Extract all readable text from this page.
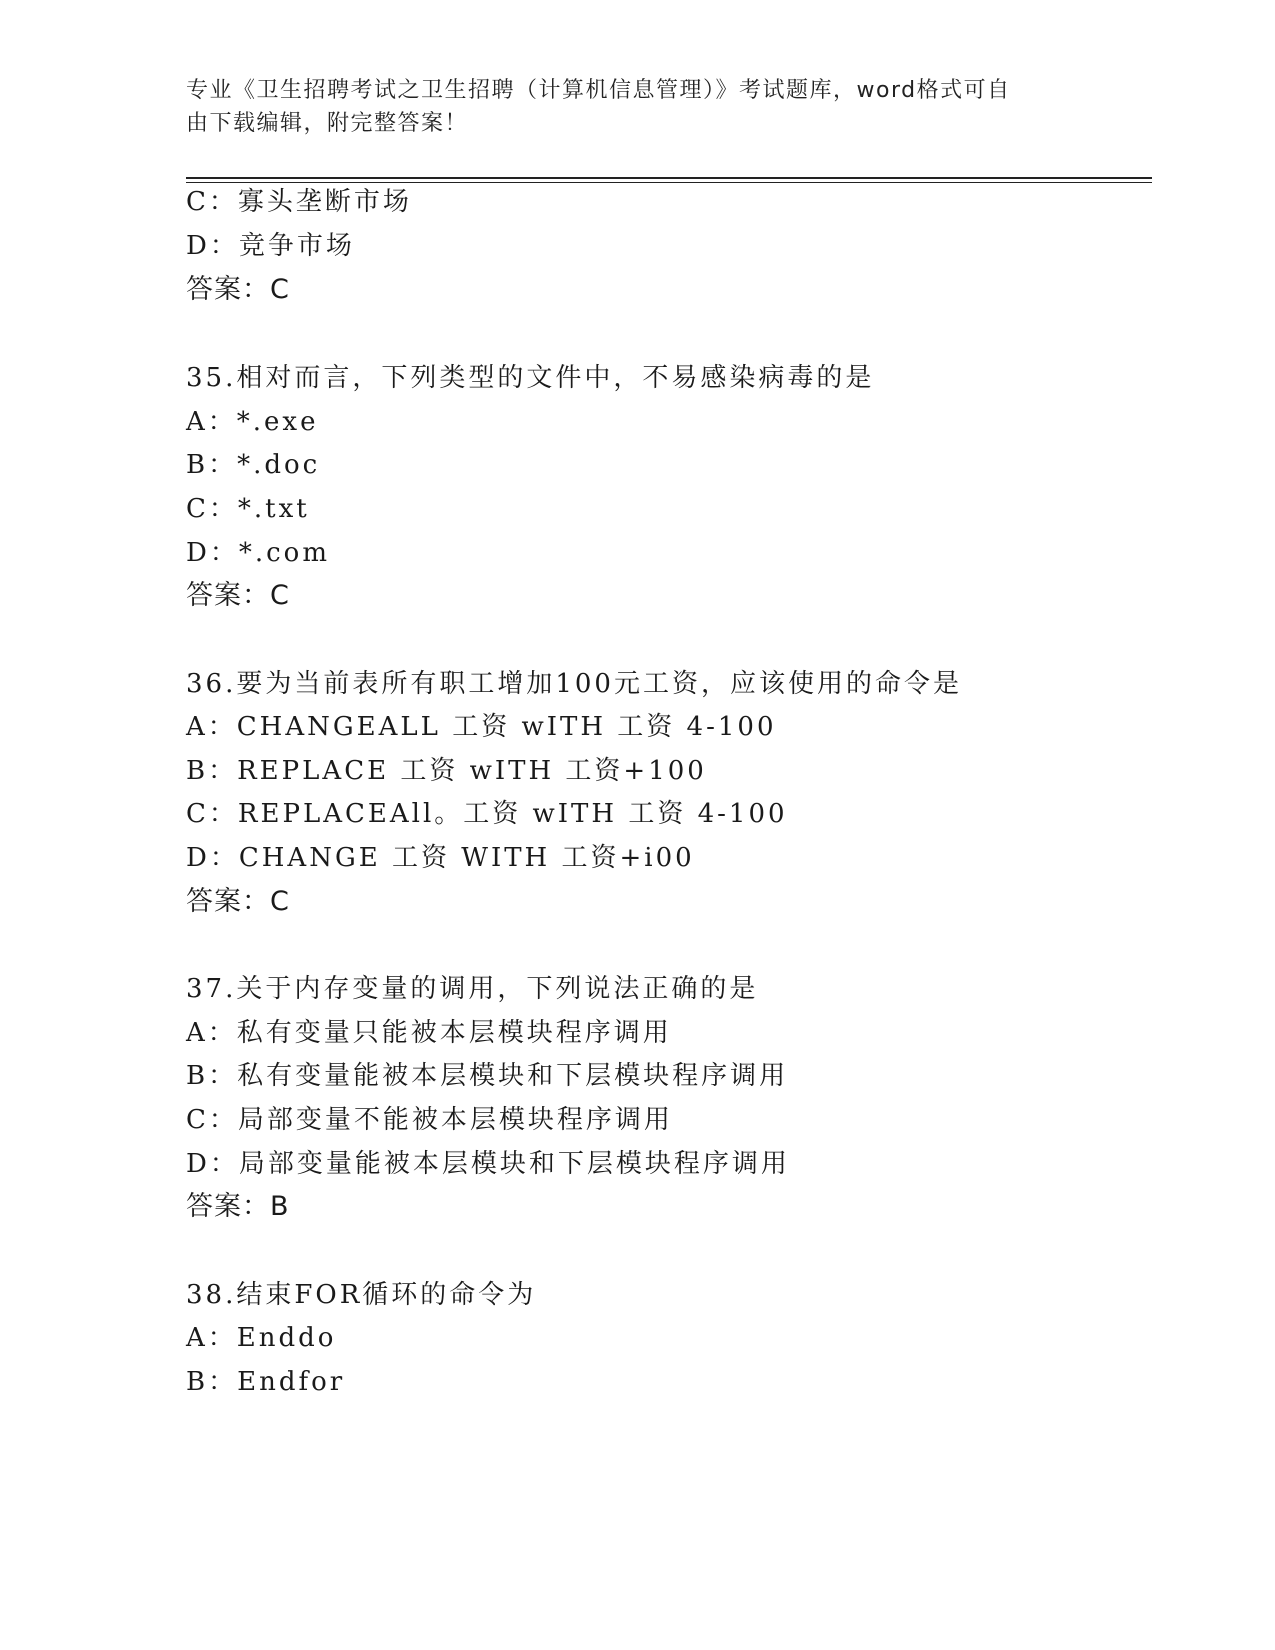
专业《卫生招聘考试之卫生招聘（计算机信息管理）》考试题库，word格式可自
由下载编辑，附完整答案！
C：寡头垄断市场
D：竞争市场
答案：C
35.相对而言，下列类型的文件中，不易感染病毒的是
A：*.exe
B：*.doc
C：*.txt
D：*.com
答案：C
36.要为当前表所有职工增加100元工资，应该使用的命令是
A：CHANGEALL 工资 wITH 工资 4-100
B：REPLACE 工资 wITH 工资+100
C：REPLACEAll。工资 wITH 工资 4-100
D：CHANGE 工资 WITH 工资+i00
答案：C
37.关于内存变量的调用，下列说法正确的是
A：私有变量只能被本层模块程序调用
B：私有变量能被本层模块和下层模块程序调用
C：局部变量不能被本层模块程序调用
D：局部变量能被本层模块和下层模块程序调用
答案：B
38.结束FOR循环的命令为
A：Enddo
B：Endfor
